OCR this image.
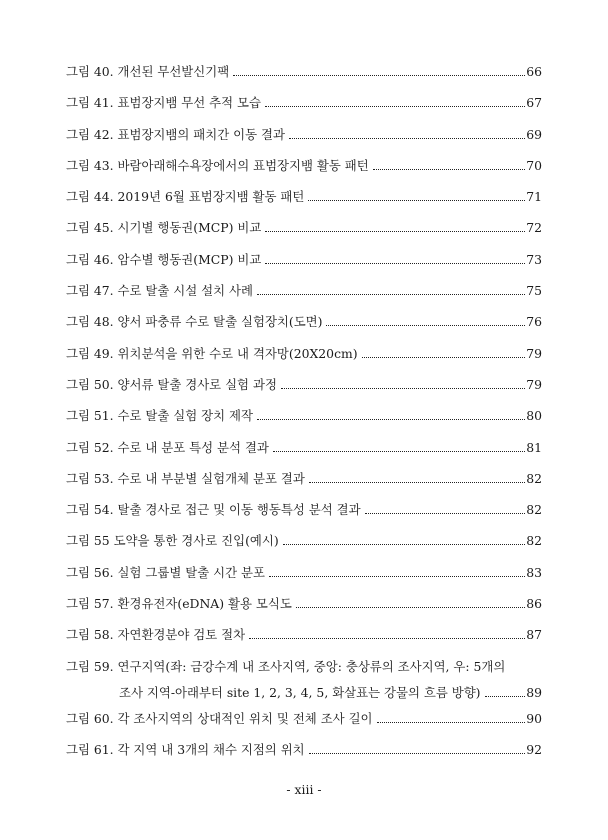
그림 40. 개선된 무선발신기팩	66
그림 41. 표범장지뱀 무선 추적 모습	67
그림 42. 표범장지뱀의 패치간 이동 결과	69
그림 43. 바람아래해수욕장에서의 표범장지뱀 활동 패턴	70
그림 44. 2019년 6월 표범장지뱀 활동 패턴	71
그림 45. 시기별 행동권(MCP) 비교	72
그림 46. 암수별 행동권(MCP) 비교	73
그림 47. 수로 탈출 시설 설치 사례	75
그림 48. 양서 파충류 수로 탈출 실험장치(도면)	76
그림 49. 위치분석을 위한 수로 내 격자망(20X20cm)	79
그림 50. 양서류 탈출 경사로 실험 과정	79
그림 51. 수로 탈출 실험 장치 제작	80
그림 52. 수로 내 분포 특성 분석 결과	81
그림 53. 수로 내 부분별 실험개체 분포 결과	82
그림 54. 탈출 경사로 접근 및 이동 행동특성 분석 결과	82
그림 55 도약을 통한 경사로 진입(예시)	82
그림 56. 실험 그룹별 탈출 시간 분포	83
그림 57. 환경유전자(eDNA) 활용 모식도	86
그림 58. 자연환경분야 검토 절차	87
그림 59. 연구지역(좌: 금강수계 내 조사지역, 중앙: 충상류의 조사지역, 우: 5개의
조사 지역-아래부터 site 1, 2, 3, 4, 5, 화살표는 강물의 흐름 방향)	89
그림 60. 각 조사지역의 상대적인 위치 및 전체 조사 길이	90
그림 61. 각 지역 내 3개의 채수 지점의 위치	92
- xiii -
